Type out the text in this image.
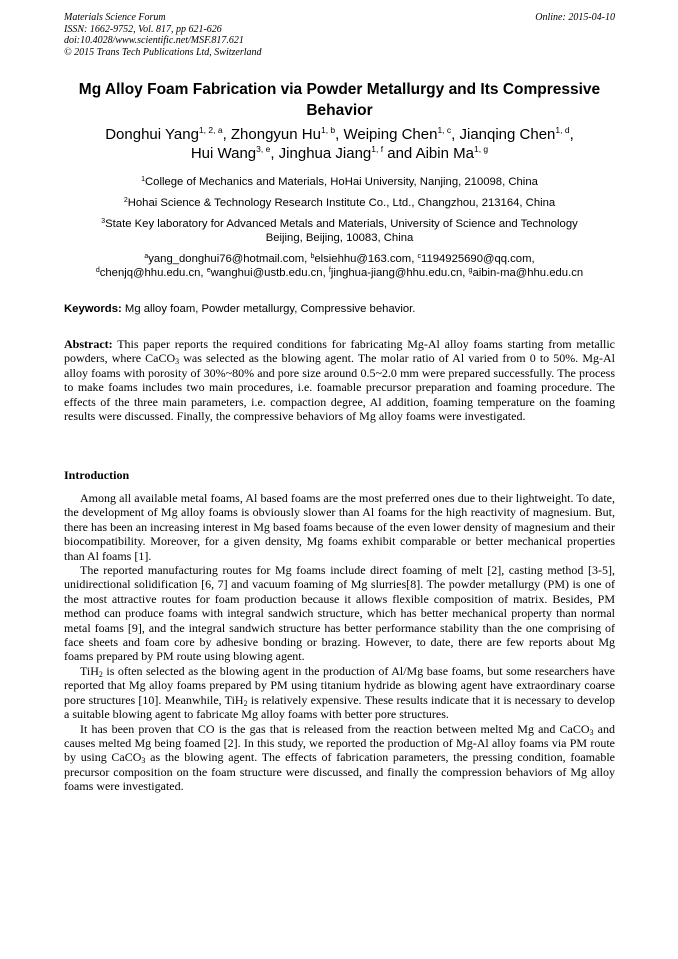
Materials Science Forum
ISSN: 1662-9752, Vol. 817, pp 621-626
doi:10.4028/www.scientific.net/MSF.817.621
© 2015 Trans Tech Publications Ltd, Switzerland
Online: 2015-04-10
Mg Alloy Foam Fabrication via Powder Metallurgy and Its Compressive
Behavior
Donghui Yang$^{1, 2, a}$, Zhongyun Hu$^{1, b}$, Weiping Chen$^{1, c}$, Jianqing Chen$^{1, d}$,
Hui Wang$^{3, e}$, Jinghua Jiang$^{1, f}$ and Aibin Ma$^{1, g}$
$^1$College of Mechanics and Materials, HoHai University, Nanjing, 210098, China
$^2$Hohai Science & Technology Research Institute Co., Ltd., Changzhou, 213164, China
$^3$State Key laboratory for Advanced Metals and Materials, University of Science and Technology
Beijing, Beijing, 10083, China
$^a$yang_donghui76@hotmail.com, $^b$elsiehhu@163.com, $^c$1194925690@qq.com,
$^d$chenjq@hhu.edu.cn, $^e$wanghui@ustb.edu.cn, $^f$jinghua-jiang@hhu.edu.cn, $^g$aibin-ma@hhu.edu.cn
Keywords: Mg alloy foam, Powder metallurgy, Compressive behavior.
Abstract: This paper reports the required conditions for fabricating Mg-Al alloy foams starting from metallic powders, where CaCO$_3$ was selected as the blowing agent. The molar ratio of Al varied from 0 to 50%. Mg-Al alloy foams with porosity of 30%~80% and pore size around 0.5~2.0 mm were prepared successfully. The process to make foams includes two main procedures, i.e. foamable precursor preparation and foaming procedure. The effects of the three main parameters, i.e. compaction degree, Al addition, foaming temperature on the foaming results were discussed. Finally, the compressive behaviors of Mg alloy foams were investigated.
Introduction

Among all available metal foams, Al based foams are the most preferred ones due to their lightweight. To date, the development of Mg alloy foams is obviously slower than Al foams for the high reactivity of magnesium. But, there has been an increasing interest in Mg based foams because of the even lower density of magnesium and their biocompatibility. Moreover, for a given density, Mg foams exhibit comparable or better mechanical properties than Al foams [1].

The reported manufacturing routes for Mg foams include direct foaming of melt [2], casting method [3-5], unidirectional solidification [6, 7] and vacuum foaming of Mg slurries[8]. The powder metallurgy (PM) is one of the most attractive routes for foam production because it allows flexible composition of matrix. Besides, PM method can produce foams with integral sandwich structure, which has better mechanical property than normal metal foams [9], and the integral sandwich structure has better performance stability than the one comprising of face sheets and foam core by adhesive bonding or brazing. However, to date, there are few reports about Mg foams prepared by PM route using blowing agent.

TiH$_2$ is often selected as the blowing agent in the production of Al/Mg base foams, but some researchers have reported that Mg alloy foams prepared by PM using titanium hydride as blowing agent have extraordinary coarse pore structures [10]. Meanwhile, TiH$_2$ is relatively expensive. These results indicate that it is necessary to develop a suitable blowing agent to fabricate Mg alloy foams with better pore structures.

It has been proven that CO is the gas that is released from the reaction between melted Mg and CaCO$_3$ and causes melted Mg being foamed [2]. In this study, we reported the production of Mg-Al alloy foams via PM route by using CaCO$_3$ as the blowing agent. The effects of fabrication parameters, the pressing condition, foamable precursor composition on the foam structure were discussed, and finally the compression behaviors of Mg alloy foams were investigated.
